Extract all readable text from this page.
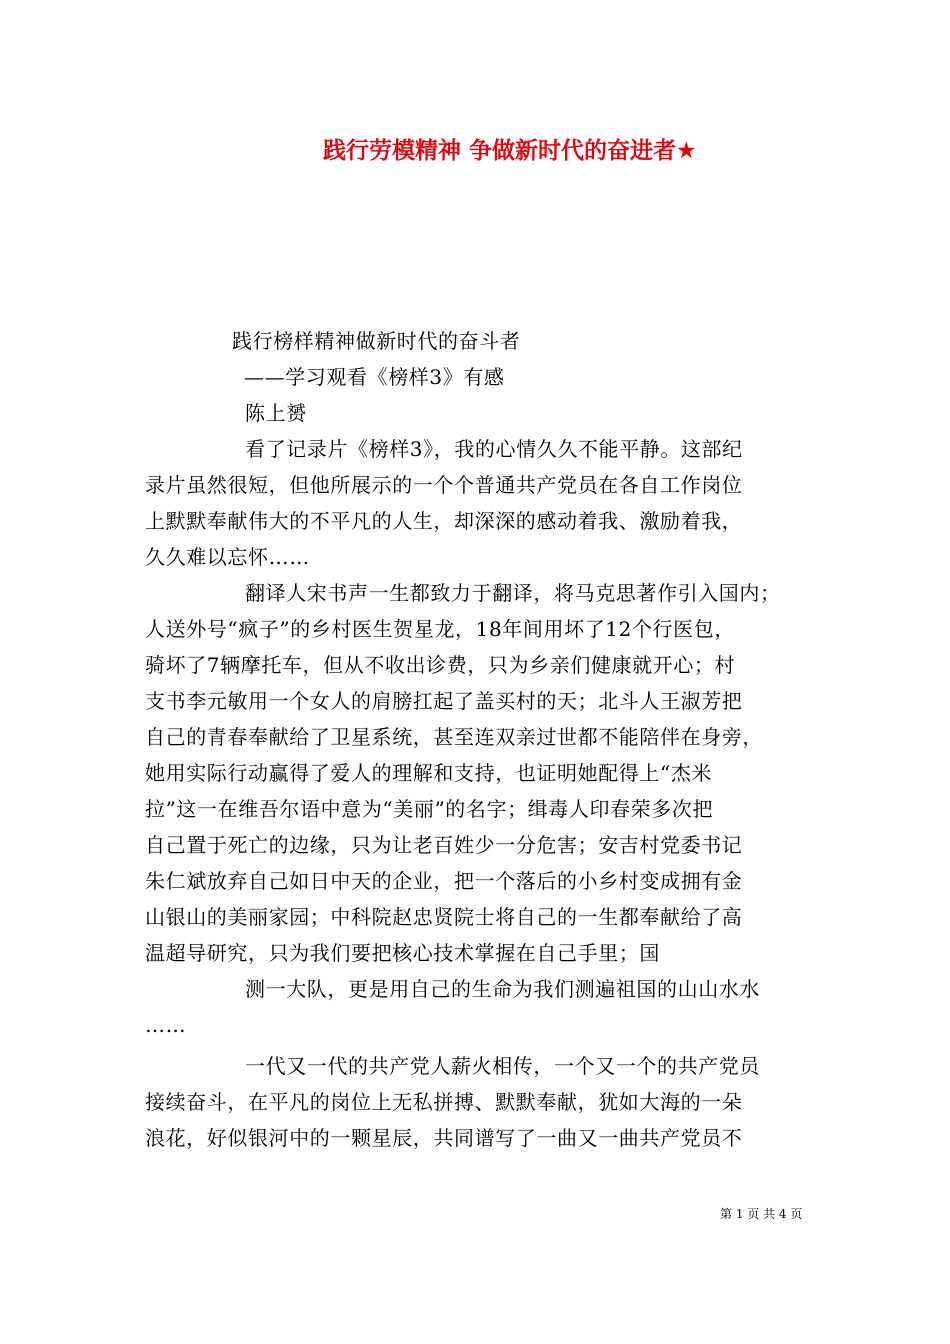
践行劳模精神 争做新时代的奋进者★
践行榜样精神做新时代的奋斗者
——学习观看《榜样3》有感
陈上赟
看了记录片《榜样3》，我的心情久久不能平静。这部纪
录片虽然很短，但他所展示的一个个普通共产党员在各自工作岗位
上默默奉献伟大的不平凡的人生，却深深的感动着我、激励着我，
久久难以忘怀……
翻译人宋书声一生都致力于翻译，将马克思著作引入国内；
人送外号“疯子”的乡村医生贺星龙，18年间用坏了12个行医包，
骑坏了7辆摩托车，但从不收出诊费，只为乡亲们健康就开心；村
支书李元敏用一个女人的肩膀扛起了盖买村的天；北斗人王淑芳把
自己的青春奉献给了卫星系统，甚至连双亲过世都不能陪伴在身旁，
她用实际行动赢得了爱人的理解和支持，也证明她配得上“杰米
拉”这一在维吾尔语中意为“美丽”的名字；缉毒人印春荣多次把
自己置于死亡的边缘，只为让老百姓少一分危害；安吉村党委书记
朱仁斌放弃自己如日中天的企业，把一个落后的小乡村变成拥有金
山银山的美丽家园；中科院赵忠贤院士将自己的一生都奉献给了高
温超导研究，只为我们要把核心技术掌握在自己手里；国
测一大队，更是用自己的生命为我们测遍祖国的山山水水
……
一代又一代的共产党人薪火相传，一个又一个的共产党员
接续奋斗，在平凡的岗位上无私拼搏、默默奉献，犹如大海的一朵
浪花，好似银河中的一颗星辰，共同谱写了一曲又一曲共产党员不
第 1 页 共 4 页
